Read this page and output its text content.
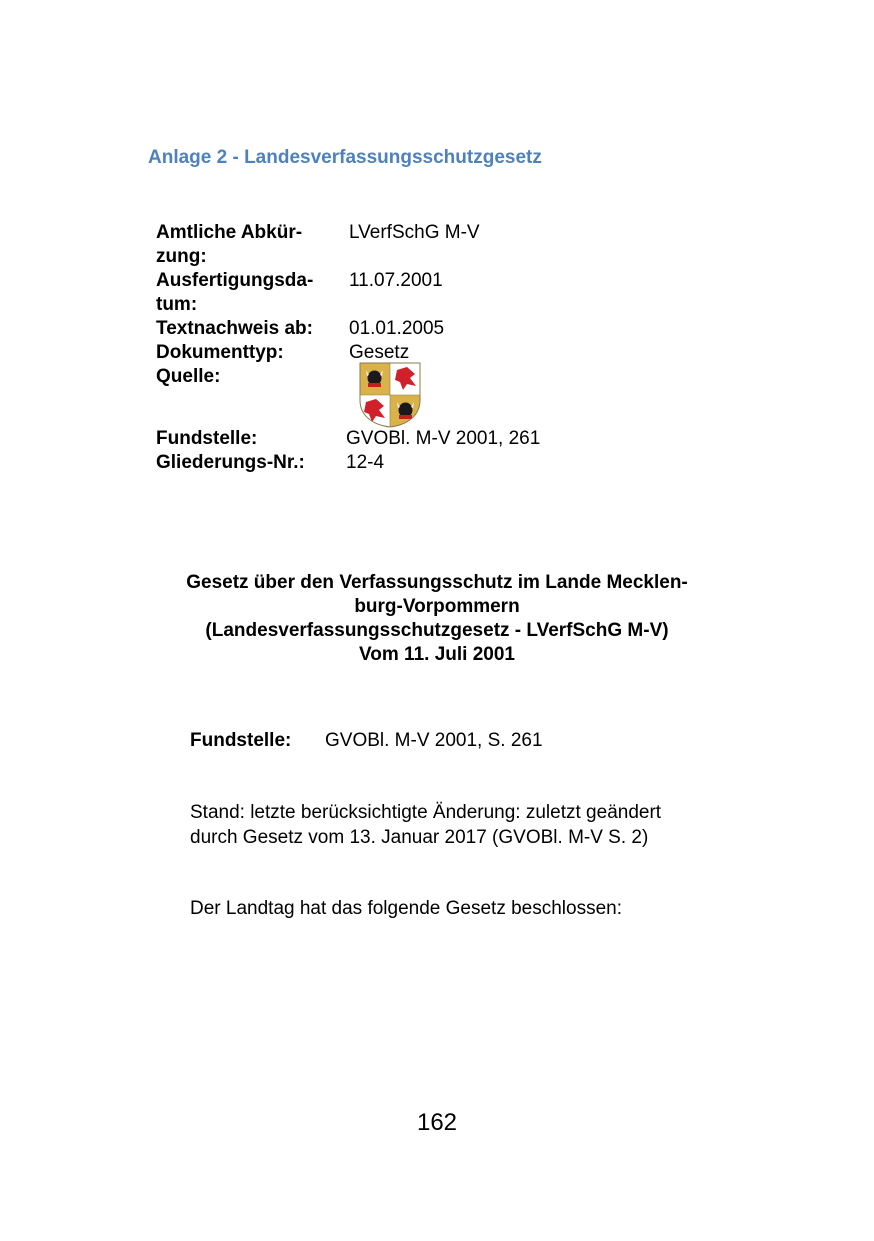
Anlage 2 - Landesverfassungsschutzgesetz
Amtliche Abkür-
zung:
LVerfSchG M-V
Ausfertigungsda-
tum:
11.07.2001
Textnachweis ab: 01.01.2005
Dokumenttyp:	Gesetz
Quelle:
Fundstelle:	GVOBl. M-V 2001, 261
Gliederungs-Nr.: 12-4
Gesetz über den Verfassungsschutz im Lande Mecklen-
burg-Vorpommern
(Landesverfassungsschutzgesetz - LVerfSchG M-V)
Vom 11. Juli 2001
Fundstelle: GVOBl. M-V 2001, S. 261
Stand: letzte berücksichtigte Änderung: zuletzt geändert
durch Gesetz vom 13. Januar 2017 (GVOBl. M-V S. 2)
Der Landtag hat das folgende Gesetz beschlossen:
162
